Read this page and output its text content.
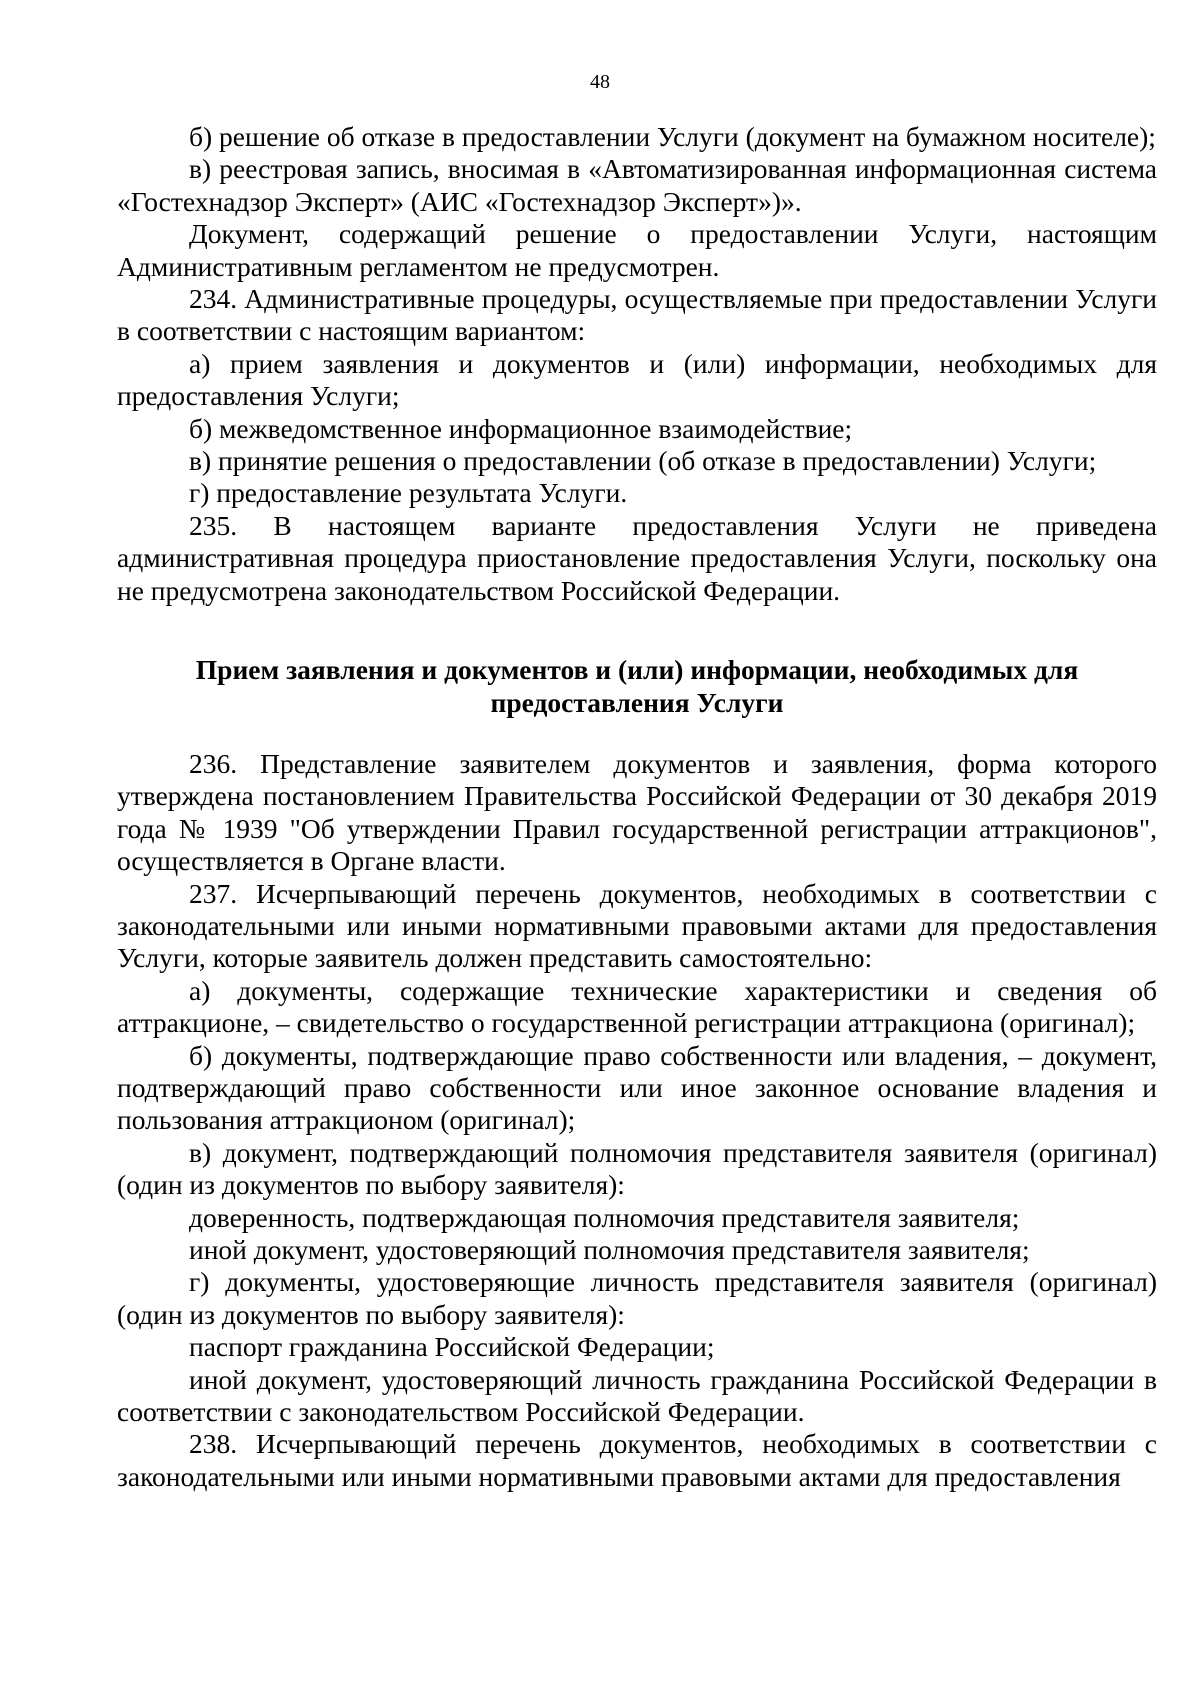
48

б) решение об отказе в предоставлении Услуги (документ на бумажном носителе);

в) реестровая запись, вносимая в «Автоматизированная информационная система «Гостехнадзор Эксперт» (АИС «Гостехнадзор Эксперт»)».

Документ, содержащий решение о предоставлении Услуги, настоящим Административным регламентом не предусмотрен.

234. Административные процедуры, осуществляемые при предоставлении Услуги в соответствии с настоящим вариантом:

а) прием заявления и документов и (или) информации, необходимых для предоставления Услуги;

б) межведомственное информационное взаимодействие;

в) принятие решения о предоставлении (об отказе в предоставлении) Услуги;

г) предоставление результата Услуги.

235. В настоящем варианте предоставления Услуги не приведена административная процедура приостановление предоставления Услуги, поскольку она не предусмотрена законодательством Российской Федерации.

Прием заявления и документов и (или) информации, необходимых для предоставления Услуги

236. Представление заявителем документов и заявления, форма которого утверждена постановлением Правительства Российской Федерации от 30 декабря 2019 года № 1939 "Об утверждении Правил государственной регистрации аттракционов", осуществляется в Органе власти.

237. Исчерпывающий перечень документов, необходимых в соответствии с законодательными или иными нормативными правовыми актами для предоставления Услуги, которые заявитель должен представить самостоятельно:

а) документы, содержащие технические характеристики и сведения об аттракционе, – свидетельство о государственной регистрации аттракциона (оригинал);

б) документы, подтверждающие право собственности или владения, – документ, подтверждающий право собственности или иное законное основание владения и пользования аттракционом (оригинал);

в) документ, подтверждающий полномочия представителя заявителя (оригинал) (один из документов по выбору заявителя):

доверенность, подтверждающая полномочия представителя заявителя;

иной документ, удостоверяющий полномочия представителя заявителя;

г) документы, удостоверяющие личность представителя заявителя (оригинал) (один из документов по выбору заявителя):

паспорт гражданина Российской Федерации;

иной документ, удостоверяющий личность гражданина Российской Федерации в соответствии с законодательством Российской Федерации.

238. Исчерпывающий перечень документов, необходимых в соответствии с законодательными или иными нормативными правовыми актами для предоставления
